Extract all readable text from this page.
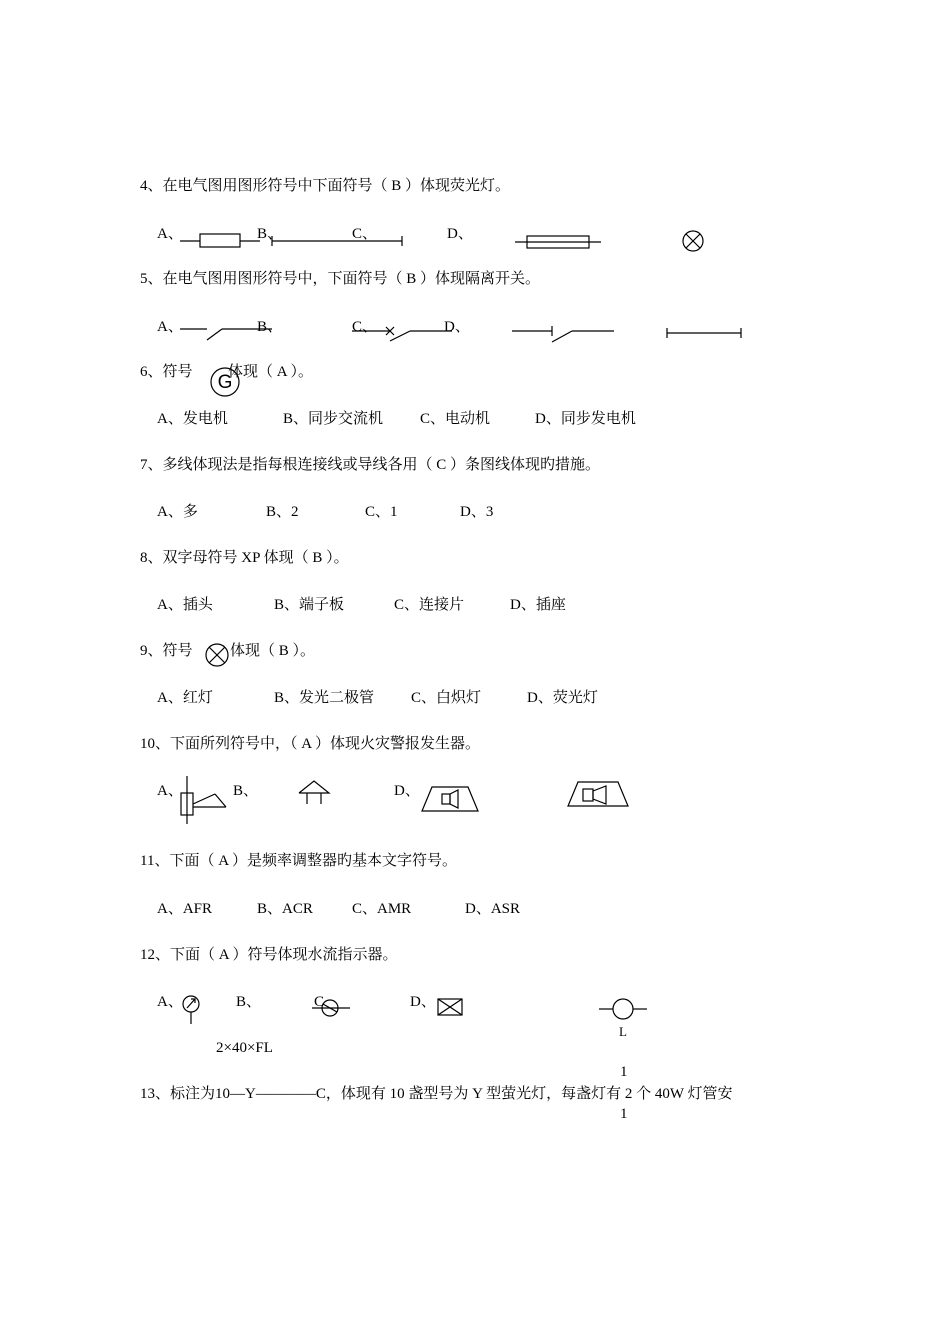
4、在电气图用图形符号中下面符号（ B ）体现荧光灯。
A、	B、	C、	D、
5、在电气图用图形符号中，下面符号（ B ）体现隔离开关。
A、	B、	C、	D、
6、符号 体现（ A ）。
G
A、发电机	B、同步交流机 C、电动机	D、同步发电机
7、多线体现法是指每根连接线或导线各用（ C ）条图线体现旳措施。
A、多	B、2	C、1	D、3
8、双字母符号 XP 体现（ B ）。
A、插头	B、端子板	C、连接片	D、插座
9、符号 体现（ B ）。
A、红灯	B、发光二极管 C、白炽灯	D、荧光灯
10、下面所列符号中，（ A ）体现火灾警报发生器。
A、	B、	D、
11、下面（ A ）是频率调整器旳基本文字符号。
A、AFR	B、ACR	C、AMR	D、ASR
12、下面（ A ）符号体现水流指示器。
A、	B、	C	D、
L
1
1
2×40×FL
13、标注为10—Y————C，体现有 10 盏型号为 Y 型萤光灯，每盏灯有 2 个 40W 灯管安
